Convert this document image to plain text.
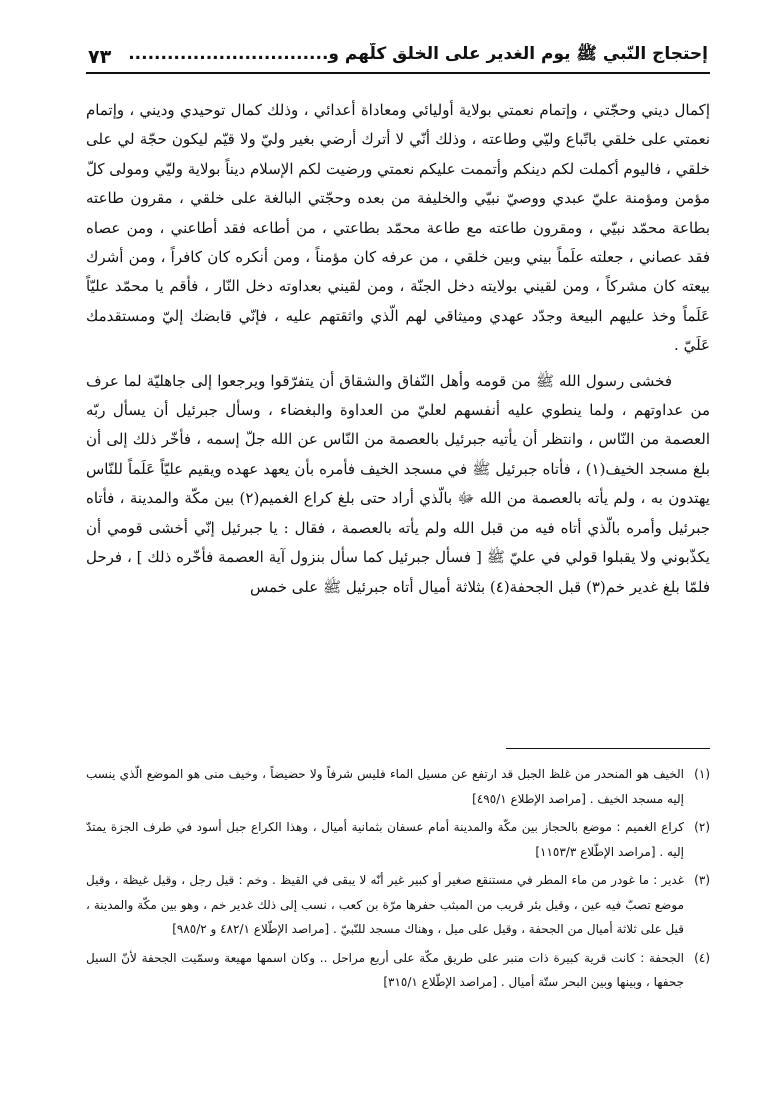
إحتجاج النّبي ﷺ يوم الغدير على الخلق كلّهم و...............................
٧٣

إكمال ديني وحجّتي ، وإتمام نعمتي بولاية أوليائي ومعاداة أعدائي ، وذلك كمال توحيدي وديني ، وإتمام نعمتي على خلقي باتّباع وليّي وطاعته ، وذلك أنّي لا أترك أرضي بغير وليّ ولا قيّم ليكون حجّة لي على خلقي ، فاليوم أكملت لكم دينكم وأتممت عليكم نعمتي ورضيت لكم الإسلام ديناً بولاية وليّي ومولى كلّ مؤمن ومؤمنة عليّ عبدي ووصيّ نبيّي والخليفة من بعده وحجّتي البالغة على خلقي ، مقرون طاعته بطاعة محمّد نبيّي ، ومقرون طاعته مع طاعة محمّد بطاعتي ، من أطاعه فقد أطاعني ، ومن عصاه فقد عصاني ، جعلته علَماً بيني وبين خلقي ، من عرفه كان مؤمناً ، ومن أنكره كان كافراً ، ومن أشرك بيعته كان مشركاً ، ومن لقيني بولايته دخل الجنّة ، ومن لقيني بعداوته دخل النّار ، فأقم يا محمّد عليّاً عَلَماً وخذ عليهم البيعة وجدّد عهدي وميثاقي لهم الّذي واثقتهم عليه ، فإنّي قابضك إليّ ومستقدمك عَلَيّ .

فخشى رسول الله ﷺ من قومه وأهل النّفاق والشقاق أن يتفرّقوا ويرجعوا إلى جاهليّة لما عرف من عداوتهم ، ولما ينطوي عليه أنفسهم لعليّ من العداوة والبغضاء ، وسأل جبرئيل أن يسأل ربّه العصمة من النّاس ، وانتظر أن يأتيه جبرئيل بالعصمة من النّاس عن الله جلّ إسمه ، فأخّر ذلك إلى أن بلغ مسجد الخيف(١) ، فأتاه جبرئيل ﷺ في مسجد الخيف فأمره بأن يعهد عهده ويقيم عليّاً عَلَماً للنّاس يهتدون به ، ولم يأته بالعصمة من الله ﷻ بالّذي أراد حتى بلغ كراع الغميم(٢) بين مكّة والمدينة ، فأتاه جبرئيل وأمره بالّذي أتاه فيه من قبل الله ولم يأته بالعصمة ، فقال : يا جبرئيل إنّي أخشى قومي أن يكذّبوني ولا يقبلوا قولي في عليّ ﷺ [ فسأل جبرئيل كما سأل بنزول آية العصمة فأخّره ذلك ] ، فرحل فلمّا بلغ غدير خم(٣) قبل الجحفة(٤) بثلاثة أميال أتاه جبرئيل ﷺ على خمس

(١)الخيف هو المنحدر من غلظ الجبل قد ارتفع عن مسيل الماء فليس شرفاً ولا حضيضاً ، وخيف منى هو الموضع الّذي ينسب إليه مسجد الخيف . [مراصد الإطلاع ٤٩٥/١]

(٢)كراع الغميم : موضع بالحجاز بين مكّة والمدينة أمام عسفان بثمانية أميال ، وهذا الكراع جبل أسود في طرف الجزة يمتدّ إليه . [مراصد الإطّلاع ١١٥٣/٣]

(٣)غدير : ما غودر من ماء المطر في مستنقع صغير أو كبير غير أنّه لا يبقى في القيظ . وخم : قيل رجل ، وقيل غيظة ، وقيل موضع تصبّ فيه عين ، وقيل بئر قريب من المبثب حفرها مرّة بن كعب ، نسب إلى ذلك غدير خم ، وهو بين مكّة والمدينة ، قيل على ثلاثة أميال من الجحفة ، وقيل على ميل ، وهناك مسجد للنّبيّ . [مراصد الإطّلاع ٤٨٢/١ و ٩٨٥/٢]

(٤)الجحفة : كانت قرية كبيرة ذات منبر على طريق مكّة على أربع مراحل .. وكان اسمها مهيعة وسمّيت الجحفة لأنّ السيل جحفها ، وبينها وبين البحر ستّة أميال . [مراصد الإطّلاع ٣١٥/١]
